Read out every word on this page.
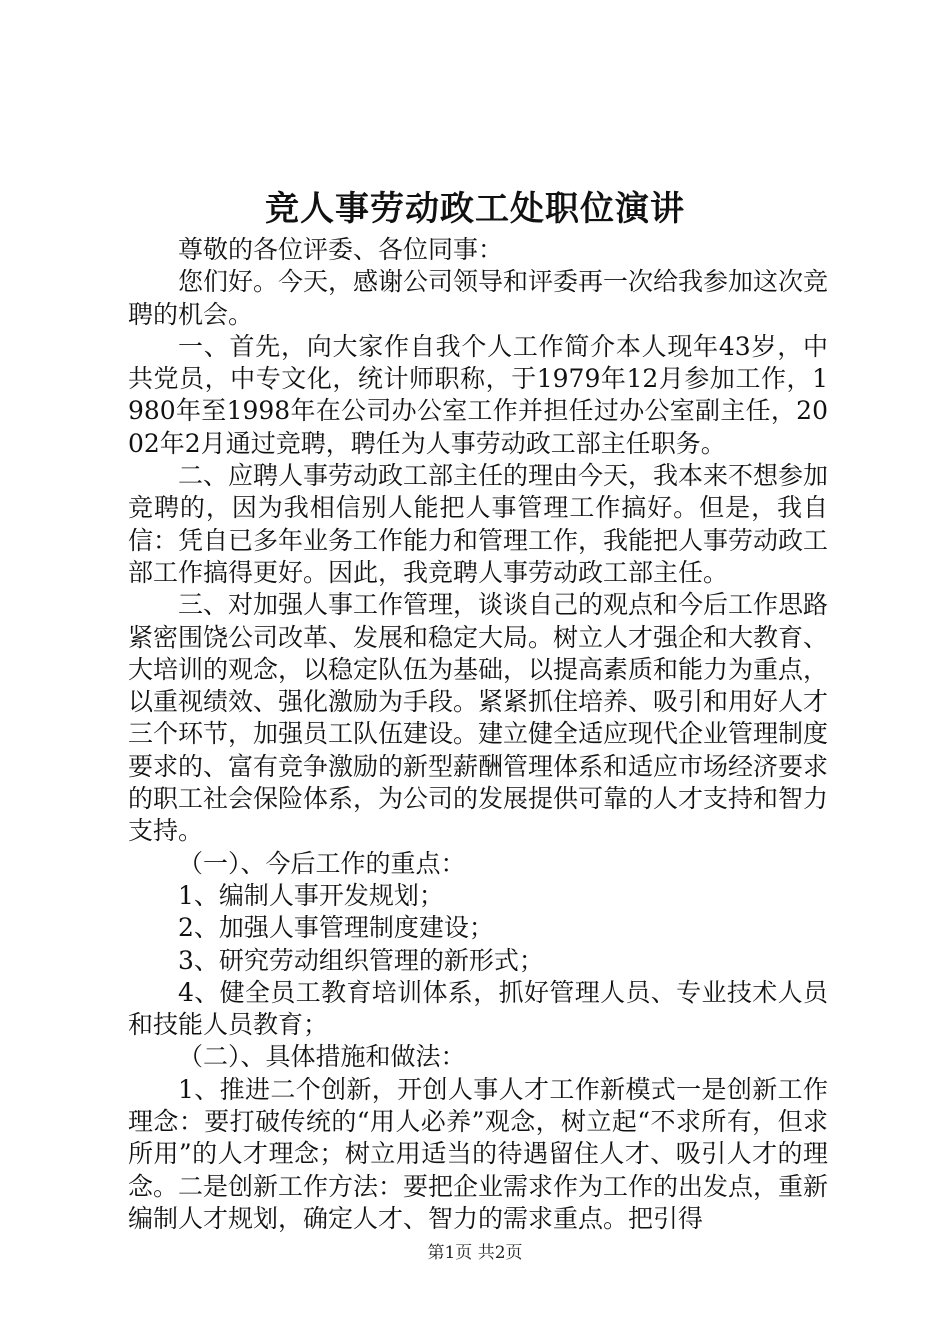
竞人事劳动政工处职位演讲

尊敬的各位评委、各位同事：

您们好。今天，感谢公司领导和评委再一次给我参加这次竞聘的机会。

一、首先，向大家作自我个人工作简介本人现年43岁，中共党员，中专文化，统计师职称，于1979年12月参加工作，1980年至1998年在公司办公室工作并担任过办公室副主任，2002年2月通过竞聘，聘任为人事劳动政工部主任职务。

二、应聘人事劳动政工部主任的理由今天，我本来不想参加竞聘的，因为我相信别人能把人事管理工作搞好。但是，我自信：凭自已多年业务工作能力和管理工作，我能把人事劳动政工部工作搞得更好。因此，我竞聘人事劳动政工部主任。

三、对加强人事工作管理，谈谈自己的观点和今后工作思路紧密围饶公司改革、发展和稳定大局。树立人才强企和大教育、大培训的观念，以稳定队伍为基础，以提高素质和能力为重点，以重视绩效、强化激励为手段。紧紧抓住培养、吸引和用好人才三个环节，加强员工队伍建设。建立健全适应现代企业管理制度要求的、富有竞争激励的新型薪酬管理体系和适应市场经济要求的职工社会保险体系，为公司的发展提供可靠的人才支持和智力支持。

（一）、今后工作的重点：

1、编制人事开发规划；

2、加强人事管理制度建设；

3、研究劳动组织管理的新形式；

4、健全员工教育培训体系，抓好管理人员、专业技术人员和技能人员教育；

（二）、具体措施和做法：

1、推进二个创新，开创人事人才工作新模式一是创新工作理念：要打破传统的“用人必养”观念，树立起“不求所有，但求所用”的人才理念；树立用适当的待遇留住人才、吸引人才的理念。二是创新工作方法：要把企业需求作为工作的出发点，重新编制人才规划，确定人才、智力的需求重点。把引得

第1页 共2页
